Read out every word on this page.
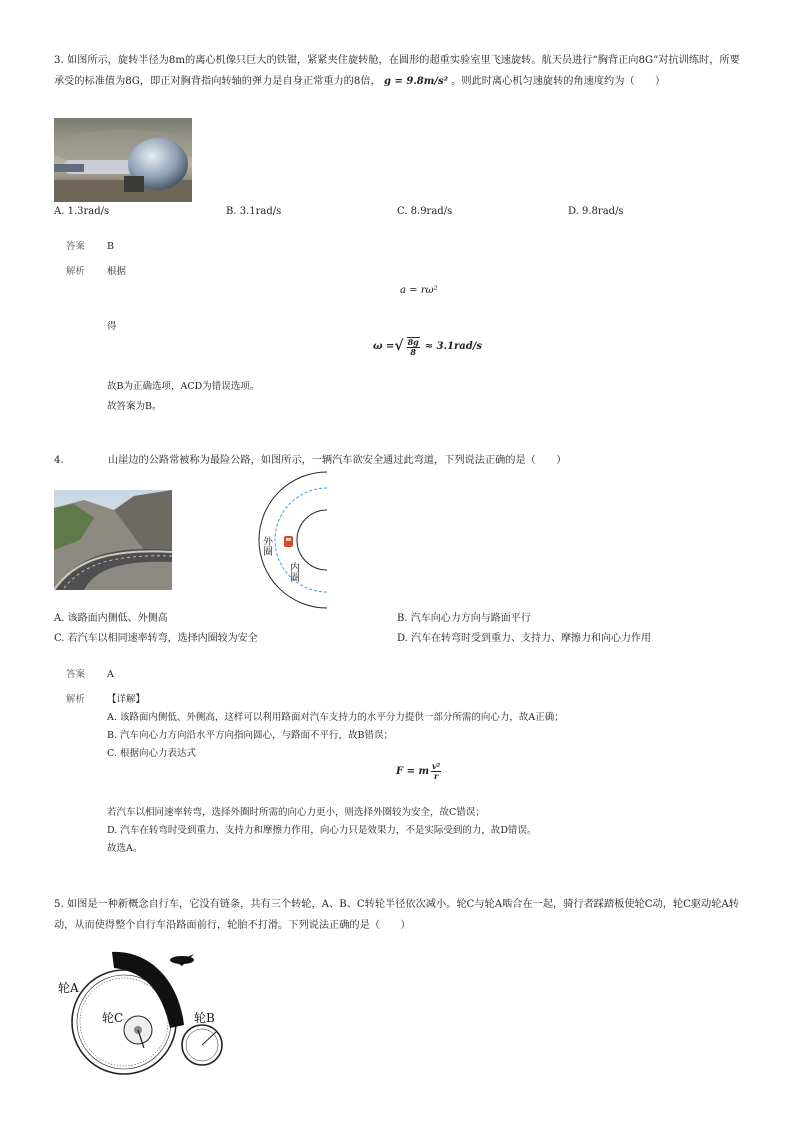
3. 如图所示，旋转半径为8m的离心机像只巨大的铁钳，紧紧夹住旋转舱，在圆形的超重实验室里飞速旋转。航天员进行“胸背正向8G”对抗训练时，所要承受的标准值为8G，即正对胸背指向转轴的弹力是自身正常重力的8倍， g = 9.8m/s² 。则此时离心机匀速旋转的角速度约为（　　）
A. 1.3rad/s	B. 3.1rad/s	C. 8.9rad/s	D. 9.8rad/s
答案 B
解析 根据
a = rω²
得
ω = √ $\frac{8g}{8} \approx 3.1rad/s$
故B为正确选项，ACD为错误选项。
故答案为B。
4.	山崖边的公路常被称为最险公路，如图所示，一辆汽车欲安全通过此弯道，下列说法正确的是（　　）
外圈
内圈
A. 该路面内侧低、外侧高	B. 汽车向心力方向与路面平行
C. 若汽车以相同速率转弯，选择内圈较为安全	D. 汽车在转弯时受到重力、支持力、摩擦力和向心力作用
答案 A
解析 【详解】
A. 该路面内侧低、外侧高，这样可以利用路面对汽车支持力的水平分力提供一部分所需的向心力，故A正确；
B. 汽车向心力方向沿水平方向指向圆心，与路面不平行，故B错误；
C. 根据向心力表达式
F = m $\frac{\text{v²}}{r}$
若汽车以相同速率转弯，选择外圈时所需的向心力更小，则选择外圈较为安全，故C错误；
D. 汽车在转弯时受到重力、支持力和摩擦力作用，向心力只是效果力，不是实际受到的力，故D错误。
故选A。
5. 如图是一种新概念自行车，它没有链条，共有三个转轮，A、B、C转轮半径依次减小。轮C与轮A啮合在一起，骑行者踩踏板使轮C动，轮C驱动轮A转动，从而使得整个自行车沿路面前行，轮胎不打滑。下列说法正确的是（　　）
轮A
轮C	轮B
